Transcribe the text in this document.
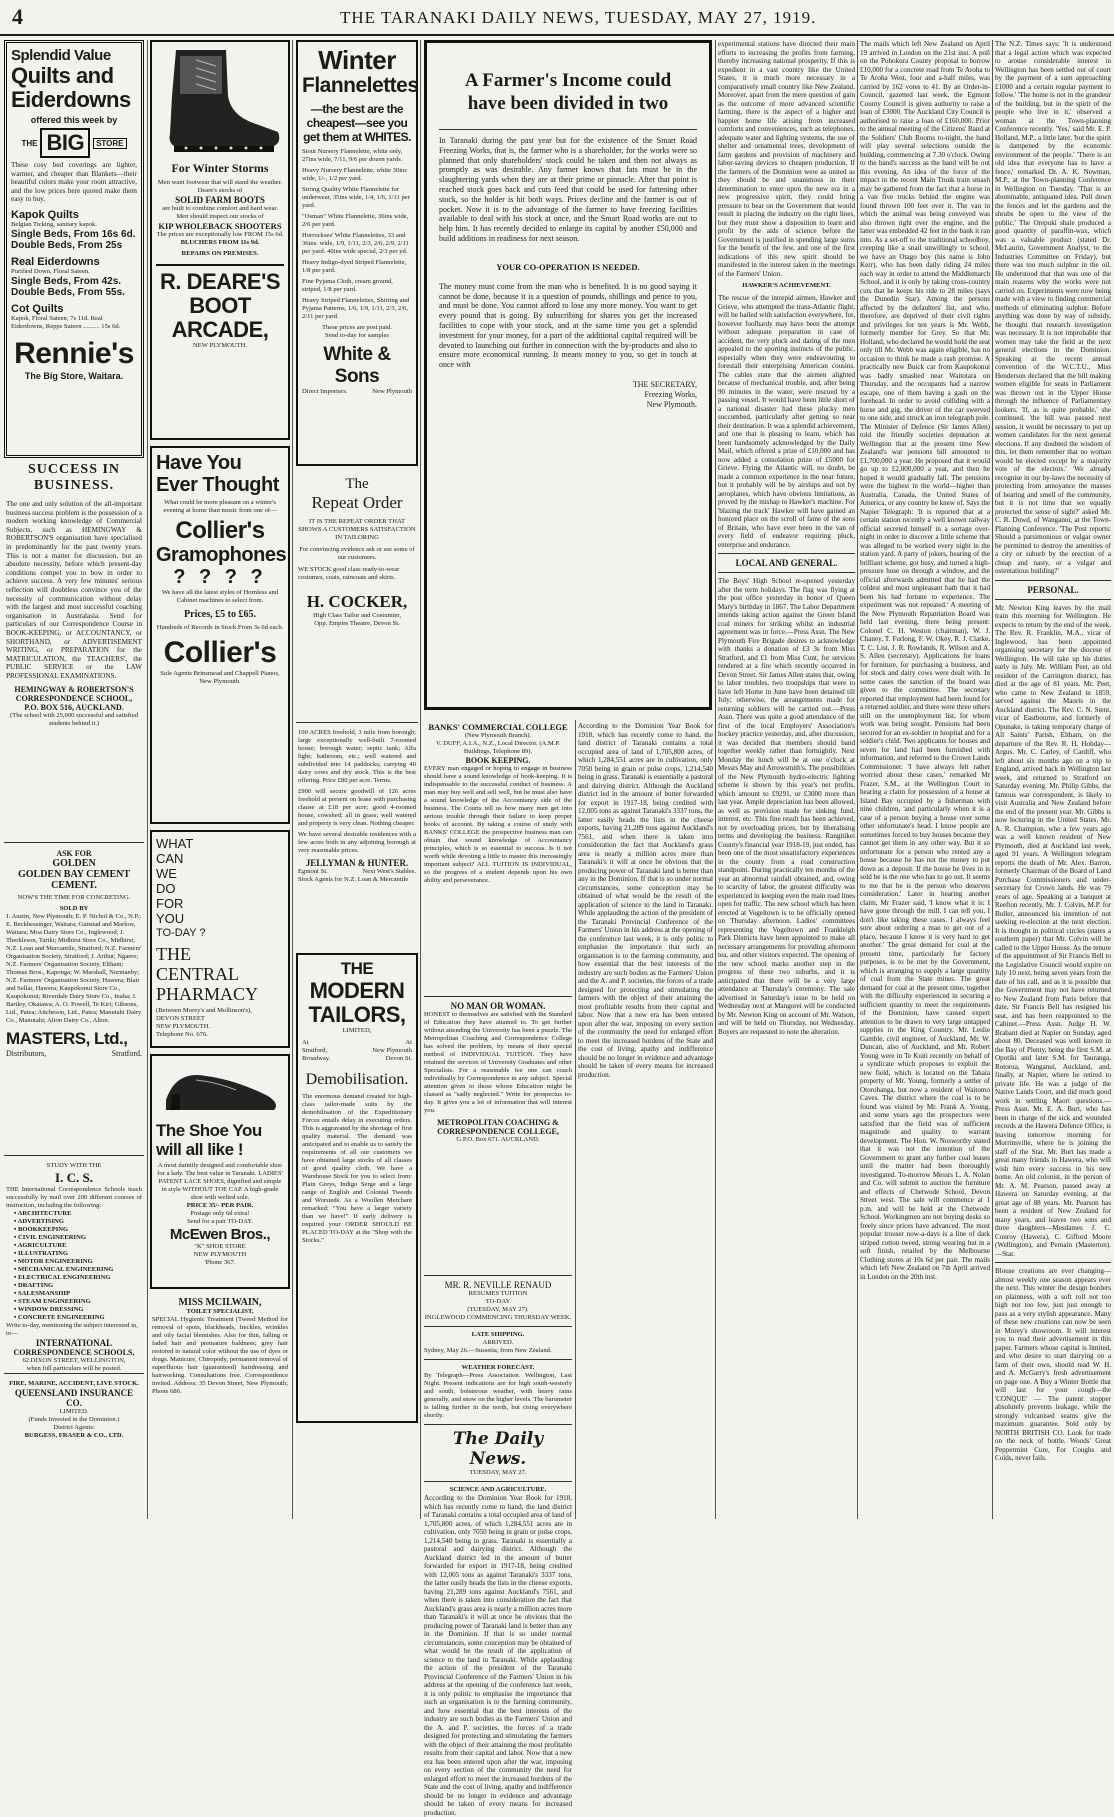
4	THE TARANAKI DAILY NEWS, TUESDAY, MAY 27, 1919.
Splendid Value
Quilts and
Eiderdowns
offered this week by
THE BIG	STORE

These cosy bed coverings are lighter, warmer, and cheaper than Blankets—their beautiful colors make your room attractive, and the low prices here quoted make them easy to buy.

Kapok Quilts
Belgian Ticking, sanitary kapok.
Single Beds, From 16s 6d.
Double Beds, From 25s
Real Eiderdowns
Purified Down, Floral Sateen.
Single Beds, From 42s.
Double Beds, From 55s.
Cot Quilts
Kapok, Floral Sateen, 7s 11d. Real Eiderdowns, Repps Sateen .......... 15s 6d.
Rennie's
The Big Store, Waitara.
SUCCESS IN
BUSINESS.

The one and only solution of the all-important business success problem is the possession of a modern working knowledge of Commercial Subjects, such as HEMINGWAY & ROBERTSON'S organisation have specialised in predominantly for the past twenty years. This is not a matter for discussion, but an absolute necessity, before which present-day conditions compel you to bow in order to achieve success. A very few minutes' serious reflection will doubtless convince you of the necessity of communication without delay with the largest and most successful coaching organisation in Australasia. Send for particulars of our Correspondence Course in BOOK-KEEPING, or ACCOUNTANCY, or SHORTHAND, or ADVERTISEMENT WRITING, or PREPARATION for the MATRICULATION, the TEACHERS', the PUBLIC SERVICE or the LAW PROFESSIONAL EXAMINATIONS.

HEMINGWAY & ROBERTSON'S CORRESPONDENCE SCHOOL,
P.O. BOX 516, AUCKLAND.
(The school with 25,000 successful and satisfied students behind it.)
ASK FOR
GOLDEN
GOLDEN BAY CEMENT
CEMENT.
NOW'S THE TIME FOR CONCRETING.
SOLD BY

J. Austin, New Plymouth; E. P. Nichol & Co., N.P.; E. Beckbessinger, Waitara; Gunstad and Marlow, Waitara; Moa Dairy Store Co., Inglewood; J. Therkleson, Tariki; Midhirst Store Co., Midhirst; N.Z. Loan and Mercantile, Stratford; N.Z. Farmers' Organisation Society, Stratford; J. Arthur, Ngaere; N.Z. Farmers' Organisation Society, Eltham; Thomas Bros., Kaponga; W. Marshall, Normanby; N.Z. Farmers' Organisation Society, Hawera; Blair and Sellar, Hawera; Kaupokonui Store Co., Kaupokonui; Riverdale Dairy Store Co., Inaha; J. Bartley, Okaiawa; A. O. Powell, Te Kiri; Gibsons, Ltd., Patea; Aitcheson, Ltd., Patea; Manutahi Dairy Co., Manutahi; Alton Dairy Co., Alton.

MASTERS, Ltd.,
Distributors,	Stratford.
STUDY WITH THE
I. C. S.

THE International Correspondence Schools teach successfully by mail over 200 different courses of instruction, including the following:

▪ ARCHITECTURE
▪ ADVERTISING
▪ BOOKKEEPING
▪ CIVIL ENGINEERING
▪ AGRICULTURE
▪ ILLUSTRATING
▪ MOTOR ENGINEERING
▪ MECHANICAL ENGINEERING
▪ ELECTRICAL ENGINEERING
▪ DRAFTING
▪ SALESMANSHIP
▪ STEAM ENGINEERING
▪ WINDOW DRESSING
▪ CONCRETE ENGINEERING

Write to-day, mentioning the subject interested in, to—

INTERNATIONAL
CORRESPONDENCE SCHOOLS,
62 DIXON STREET, WELLINGTON,
when full particulars will be posted.
FIRE, MARINE, ACCIDENT, LIVE STOCK.
QUEENSLAND INSURANCE CO.
LIMITED.
(Funds Invested in the Dominion.)
District Agents:
BURGESS, FRASER & CO., LTD.
For Winter Storms

Men want footwear that will stand the weather.

Deare's stocks of

SOLID FARM BOOTS

are built to combine comfort and hard wear.

Men should inspect our stocks of

KIP WHOLEBACK SHOOTERS

The prices are exceptionally low FROM 15s 6d.

BLUCHERS FROM 11s 9d.

REPAIRS ON PREMISES.

R. DEARE'S
BOOT
ARCADE,
NEW PLYMOUTH.
Have You
Ever Thought

What could be more pleasant on a winter's evening at home than music from one of—

Collier's
Gramophones
? ? ? ?

We have all the latest styles of Hornless and Cabinet machines to select from.

Prices, £5 to £65.

Hundreds of Records in Stock From 3s 6d each.

Collier's

Sole Agents Brinsmead and Chappell Pianos,

New Plymouth.

WHAT
CAN
WE
DO
FOR
YOU
TO-DAY ?
THE
CENTRAL
PHARMACY

(Between Morey's and Mollinson's),

DEVON STREET

NEW PLYMOUTH.

Telephone No. 676.

The Shoe You
will all like !

A most daintily designed and comfortable shoe for a lady. The best value in Taranaki. LADIES' PATENT LACE SHOES, dignified and simple in style WITHOUT TOE CAP. A high-grade shoe with welted sole.

PRICE 35/- PER PAIR.

Postage only 6d extra!

Send for a pair TO-DAY.

McEwen Bros.,

"K" SHOE STORE

NEW PLYMOUTH

'Phone 367.

MISS MCILWAIN,
TOILET SPECIALIST,

SPECIAL Hygienic Treatment (Tweed Method for removal of spots, blackheads, freckles, wrinkles and oily facial blemishes. Also for thin, falling or faded hair and premature baldness; grey hair restored to natural color without the use of dyes or drugs. Manicure, Chiropody, permanent removal of superfluous hair (guaranteed) hairdressing and hairworking. Consultations free. Correspondence invited. Address: 35 Devon Street, New Plymouth; Phone 686.

Winter
Flannelettes
—the best are the
cheapest—see you
get them at WHITES.

Stout Nursery Flannelette, white only, 27ins wide, 7/11, 9/6 per dozen yards.

Heavy Nursery Flannelette, white 30ins wide, 1/-, 1/2 per yard.

Strong Quality White Flannelette for underwear, 35ins wide, 1/4, 1/6, 1/11 per yard.

"Osman" White Flannelette, 36ins wide, 2/6 per yard.

Horrockses' White Flannelettes, 33 and 36ins. wide, 1/9, 1/11, 2/3, 2/6, 2/9, 2/11 per yard. 40ins wide special, 2/3 per yd.

Heavy Indigo-dyed Striped Flannelette, 1/8 per yard.

Fine Pyjama Cloth, cream ground, striped, 1/8 per yard.

Heavy Striped Flannelettes, Shirting and Pyjama Patterns, 1/6, 1/9, 1/11, 2/3, 2/6, 2/11 per yard.

These prices are post paid.

Send to-day for samples

White & Sons
Direct Importers.	New Plymouth
The
Repeat Order

IT IS THE REPEAT ORDER THAT SHOWS A CUSTOMERS SATISFACTION IN TAILORING

For convincing evidence ask or see some of our customers.

WE STOCK good class ready-to-wear costumes, coats, raincoats and skirts.

H. COCKER,

High Class Tailor and Costumier,

Opp. Empire Theatre, Devon St.

100 ACRES freehold, 3 mile from borough; large exceptionally well-built 7-roomed house; borough water; septic tank; Alfa light; bathroom, etc.; well watered and subdivided into 14 paddocks; carrying 40 dairy cows and dry stock. This is the best offering. Price £80 per acre. Terms.

£900 will secure goodwill of 126 acres freehold at present on lease with purchasing clause at £18 per acre; good 4-roomed house, cowshed; all in grass; well watered and property is very clean. Nothing cheaper.

We have several desirable residences with a few acres both in any adjoining borough at very reasonable prices.

JELLYMAN & HUNTER.
Egmont St.	Next West's Stables.

Stock Agents for N.Z. Loan & Mercantile

THE
MODERN
TAILORS,

LIMITED,

At	At
Stratford,	New Plymouth
Broadway.	Devon St.
Demobilisation.

The enormous demand created for high-class tailor-made suits by the demobilisation of the Expeditionary Forces entails delay in executing orders. This is aggravated by the shortage of first quality material. The demand was anticipated and to enable us to satisfy the requirements of all our customers we have obtained large stocks of all classes of good quality cloth. We have a Warehouse Stock for you to select from: Plain Greys, Indigo Serge and a large range of English and Colonial Tweeds and Worsteds. As a Woollen Merchant remarked: "You have a larger variety than we have!" If early delivery is required your ORDER SHOULD BE PLACED TO-DAY at the "Shop with the Stocks."

A Farmer's Income could have been divided in two

In Taranaki during the past year but for the existence of the Smart Road Freezing Works, that is, the farmer who is a shareholder, for the works were so planned that only shareholders' stock could be taken and then not always as promptly as was desirable. Any farmer knows that fats must be in the slaughtering yards when they are at their prime or pinnacle. After that point is reached stock goes back and cuts feed that could be used for fattening other stock, so the holder is hit both ways. Prices decline and the farmer is out of pocket. Now it is to the advantage of the farmer to have freezing facilities available to deal with his stock at once, and the Smart Road works are out to help him. It has recently decided to enlarge its capital by another £50,000 and build additions in readiness for next season.

YOUR CO-OPERATION IS NEEDED.

The money must come from the man who is benefited. It is no good saying it cannot be done, because it is a question of pounds, shillings and pence to you, and must be done. You cannot afford to lose any more money. You want to get every pound that is going. By subscribing for shares you get the increased facilities to cope with your stock, and at the same time you get a splendid investment for your money, for a part of the additional capital required will be devoted to launching out further in connection with the by-products and also to ensure more economical running. It means money to you, so get in touch at once with

THE SECRETARY,
Freezing Works,
New Plymouth.
BANKS' COMMERCIAL COLLEGE

(New Plymouth Branch).

V. DUFF, A.I.A., N.Z., Local Director. (A.M.P. Buildings, Telephone 89).

BOOK KEEPING.

EVERY man engaged or hoping to engage in business should have a sound knowledge of book-keeping. It is indispensable to the successful conduct of business. A man may buy well and sell well, but he must also have a sound knowledge of the Accountancy side of the business. The Courts tell us how many men get into serious trouble through their failure to keep proper books of account. By taking a course of study with BANKS' COLLEGE the prospective business man can obtain that sound knowledge of Accountancy principles, which is so essential to success. Is it not worth while devoting a little to master this increasingly important subject? ALL TUITION IS INDIVIDUAL, so the progress of a student depends upon his own ability and perseverance.

NO MAN OR WOMAN.

HONEST to themselves are satisfied with the Standard of Education they have attained to. To get further without attending the University has been a puzzle. The Metropolitan Coaching and Correspondence College has solved the problem, by means of their special method of INDIVIDUAL TUITION. They have retained the services of University Graduates and other Specialists. For a reasonable fee one can coach individually by Correspondence in any subject. Special attention given to those whose Education might be classed as "sadly neglected." Write for prospectus to-day. It gives you a lot of information that will interest you.

METROPOLITAN COACHING & CORRESPONDENCE COLLEGE,

G.P.O. Box 671. AUCKLAND.

MR. R. NEVILLE RENAUD

RESUMES TUITION

TO-DAY

(TUESDAY, MAY 27).

INGLEWOOD COMMENCING THURSDAY WEEK.

LATE SHIPPING.
ARRIVED.

Sydney, May 26.—Sussetia, from New Zealand.

WEATHER FORECAST.

By Telegraph—Press Association. Wellington, Last Night. Present indications are for high south-westerly and south, boisterous weather, with heavy rains generally, and snow on the higher levels. The barometer is falling further in the north, but rising everywhere shortly.

The Daily News.
TUESDAY, MAY 27.
SCIENCE AND AGRICULTURE.

According to the Dominion Year Book for 1918, which has recently come to hand, the land district of Taranaki contains a total occupied area of land of 1,705,800 acres, of which 1,284,551 acres are in cultivation, only 7050 being in grain or pulse crops, 1,214,540 being in grass. Taranaki is essentially a pastoral and dairying district. Although the Auckland district led in the amount of butter forwarded for export in 1917-18, being credited with 12,005 tons as against Taranaki's 3337 tons, the latter easily heads the lists in the cheese exports, having 21,289 tons against Auckland's 7561, and when there is taken into consideration the fact that Auckland's grass area is nearly a million acres more than Taranaki's it will at once be obvious that the producing power of Taranaki land is better than any in the Dominion. If that is so under normal circumstances, some conception may be obtained of what would be the result of the application of science to the land in Taranaki. While applauding the action of the president of the Taranaki Provincial Conference of the Farmers' Union in his address at the opening of the conference last week, it is only politic to emphasise the importance that such an organisation is to the farming community, and how essential that the best interests of the industry are such bodies as the Farmers' Union and the A. and P. societies, the forces of a trade designed for protecting and stimulating the farmers with the object of their attaining the most profitable results from their capital and labor. Now that a new era has been entered upon after the war, imposing on every section of the community the need for enlarged effort to meet the increased burdens of the State and the cost of living, apathy and indifference should be no longer in evidence and advantage should be taken of every means for increased production.

According to the Dominion Year Book for 1918, which has recently come to hand, the land district of Taranaki contains a total occupied area of land of 1,705,800 acres, of which 1,284,551 acres are in cultivation, only 7050 being in grain or pulse crops, 1,214,540 being in grass. Taranaki is essentially a pastoral and dairying district. Although the Auckland district led in the amount of butter forwarded for export in 1917-18, being credited with 12,005 tons as against Taranaki's 3337 tons, the latter easily heads the lists in the cheese exports, having 21,289 tons against Auckland's 7561, and when there is taken into consideration the fact that Auckland's grass area is nearly a million acres more than Taranaki's it will at once be obvious that the producing power of Taranaki land is better than any in the Dominion. If that is so under normal circumstances, some conception may be obtained of what would be the result of the application of science to the land in Taranaki. While applauding the action of the president of the Taranaki Provincial Conference of the Farmers' Union in his address at the opening of the conference last week, it is only politic to emphasise the importance that such an organisation is to the farming community, and how essential that the best interests of the industry are such bodies as the Farmers' Union and the A. and P. societies, the forces of a trade designed for protecting and stimulating the farmers with the object of their attaining the most profitable results from their capital and labor. Now that a new era has been entered upon after the war, imposing on every section of the community the need for enlarged effort to meet the increased burdens of the State and the cost of living, apathy and indifference should be no longer in evidence and advantage should be taken of every means for increased production.

experimental stations have directed their main efforts to increasing the profits from farming, thereby increasing national prosperity. If this is expedient in a vast country like the United States, it is much more necessary in a comparatively small country like New Zealand. Moreover, apart from the mere question of gain as the outcome of more advanced scientific farming, there is the aspect of a higher and happier home life arising from increased comforts and conveniences, such as telephones, adequate water and lighting systems, the use of shelter and ornamental trees, development of farm gardens and provision of machinery and labor-saving devices to cheapen production. If the farmers of the Dominion were as united as they should be and unanimous in their determination to enter upon the new era in a new progressive spirit, they could bring pressure to bear on the Government that would result in placing the industry on the right lines, but they must show a disposition to learn and profit by the aids of science before the Government is justified in spending large sums for the benefit of the few, and one of the first indications of this new spirit should be manifested in the interest taken in the meetings of the Farmers' Union.

HAWKER'S ACHIEVEMENT.

The rescue of the intrepid airmen, Hawker and Grieve, who attempted the trans-Atlantic flight, will be hailed with satisfaction everywhere, for, however foolhardy may have been the attempt without adequate preparation in case of accident, the very pluck and daring of the men appealed to the sporting instincts of the public, especially when they were endeavouring to forestall their enterprising American cousins. The cables state that the airmen alighted because of mechanical trouble, and, after being 90 minutes in the water, were rescued by a passing vessel. It would have been little short of a national disaster had these plucky men succumbed, particularly after getting so near their destination. It was a splendid achievement, and one that is pleasing to learn, which has been handsomely acknowledged by the Daily Mail, which offered a prize of £10,000 and has now added a consolation prize of £5000 for Grieve. Flying the Atlantic will, no doubt, be made a common experience in the near future, but it probably will be by airships and not by aeroplanes, which have obvious limitations, as proved by the mishap to Hawker's machine. For 'blazing the track' Hawker will have gained an honored place on the scroll of fame of the sons of Britain, who have ever been in the van of every field of endeavor requiring pluck, enterprise and endurance.

LOCAL AND GENERAL.

The Boys' High School re-opened yesterday after the term holidays. The flag was flying at the post office yesterday in honor of Queen Mary's birthday in 1867. The Labor Department intends taking action against the Green Island coal miners for striking whilst an industrial agreement was in force.—Press Assn. The New Plymouth Fire Brigade desires to acknowledge with thanks a donation of £3 3s from Miss Stratford, and £1 from Miss Cunt, for services rendered at a fire which recently occurred in Devon Street. Sir James Allen states that, owing to labor troubles, two troopships that were to have left Home in June have been detained till July; otherwise, the arrangements made for returning soldiers will be carried out.—Press Assn. There was quite a good attendance of the first of the local Employers' Association's hockey practice yesterday, and, after discussion, it was decided that members should band together weekly rather than fortnightly. Next Monday the lunch will be at one o'clock at Messrs May and Arrowsmith's. The possibilities of the New Plymouth hydro-electric lighting scheme is shown by this year's net profits, which amount to £9291, or £3000 more than last year. Ample depreciation has been allowed, as well as provision made for sinking fund, interest, etc. This fine result has been achieved, not by overloading prices, but by liberalising terms and developing the business. Rangitikei County's financial year 1918-19, just ended, has been one of the most unsatisfactory experiences in the county from a road construction standpoint. During practically ten months of the year an abnormal rainfall obtained, and, owing to scarcity of labor, the greatest difficulty was experienced in keeping even the main road lines open for traffic. The new school which has been erected at Vogeltown is to be officially opened on Thursday afternoon. Ladies' committees representing the Vogeltown and Frankleigh Park Districts have been appointed to make all necessary arrangements for providing afternoon tea, and other visitors expected. The opening of the new school marks another step in the progress of these two suburbs, and it is anticipated that there will be a very large attendance at Thursday's ceremony. The sale advertised in Saturday's issue to be held on Wednesday next at Mangorei will be conducted by Mr. Newton King on account of Mr. Watson, and will be held on Thursday, not Wednesday. Buyers are requested to note the alteration.

The mails which left New Zealand on April 19 arrived in London on the 21st inst. A poll on the Pohokura County proposal to borrow £10,000 for a concrete road from Te Aroha to Te Aroha West, four and a-half miles, was carried by 162 votes to 41. By an Order-in-Council, gazetted last week, the Egmont County Council is given authority to raise a loan of £3000. The Auckland City Council is authorised to raise a loan of £160,000. Prior to the annual meeting of the Citizens' Band at the Soldiers' Club Rooms to-night, the band will play several selections outside the building, commencing at 7.30 o'clock. Owing to the band's success as the band will be out this evening. An idea of the force of the impact in the recent Main Trunk train smash may be gathered from the fact that a horse in a van five trucks behind the engine was found thrown 100 feet over it. The van in which the animal was being conveyed was also thrown right over the engine, and the latter was embedded 42 feet in the bank it ran into. As a set-off to the traditional schoolboy, creeping like a snail unwillingly to school, we have an Otago boy (his name is John Kerr), who has been daily riding 24 miles each way in order to attend the Middlemarch School, and it is only by taking cross-country cuts that he keeps his ride to 28 miles (says the Dunedin Star). Among the persons affected by the defaulters' list, and who, therefore, are deprived of their civil rights and privileges for ten years is Mr. Webb, formerly member for Grey. So that Mr. Holland, who declared he would hold the seat only till Mr. Webb was again eligible, has no occasion to think he made a rash promise. A practically new Buick car from Kaupokonui was badly smashed near Waitotara on Thursday, and the occupants had a narrow escape, one of them having a gash on the forehead. In order to avoid colliding with a horse and gig, the driver of the car swerved to one side, and struck an iron telegraph pole. The Minister of Defence (Sir James Allen) told the friendly societies deputation at Wellington that at the present time New Zealand's war pensions bill amounted to £1,700,000 a year. He proposed that it would go up to £2,000,000 a year, and then he hoped it would gradually fall. The pensions were the highest in the world—higher than Australia, Canada, the United States of America, or any country he knew of. Says the Napier Telegraph: 'It is reported that at a certain station recently a well known railway official secreted himself in a sortage over-night in order to discover a little scheme that was alleged to be worked every night in the station yard. A party of jokers, hearing of the brilliant scheme, got busy, and turned a high-pressure hose on through a window, and the official afterwards admitted that he had the coldest and most unpleasant bath that it had been his bad fortune to experience. The experiment was not repeated.' A meeting of the New Plymouth Repatriation Board was held last evening, there being present: Colonel C. H. Weston (chairman), W. J. Chaney, T. Furlong, F. W. Okey, R. J. Clarke, T. C. List, J. R. Rowlands, R. Wilson and A. S. Allen (secretary). Applications for loans for furniture, for purchasing a business, and for stock and dairy cows were dealt with. In some cases the sanction of the board was given to the committee. The secretary reported that employment had been found for a returned soldier, and there were three others still on the unemployment list, for whom work was being sought. Pensions had been secured for an ex-soldier in hospital and for a soldier's child. Two applicants for houses and seven for land had been furnished with information, and referred to the Crown Lands Commissioner. 'I have always felt rather worried about these cases,' remarked Mr Frazer, S.M., at the Wellington Court in hearing a claim for possession of a house at Island Bay occupied by a fisherman with nine children, 'and particularly when it is a case of a person buying a house over some other unfortunate's head. I know people are sometimes forced to buy houses because they cannot get them in any other way. But it so unfortunate for a person who rented any a house because he has not the money to put down as a deposit. If the house he lives in is sold he is the one who has to go out. It seems to me that he is the person who deserves consideration.' Later in hearing another claim, Mr Frazer said, 'I know what it is: I have gone through the mill. I can tell you, I don't like taking these cases. I always feel sore about ordering a man to get out of a place, because I know it is very hard to get another.' The great demand for coal at the present time, particularly for factory purposes, is to be met by the Government, which is arranging to supply a large quantity of coal from the State mines. The great demand for coal at the present time, together with the difficulty experienced in securing a sufficient quantity to meet the requirements of the Dominion, have caused expert attention to be drawn to very large untapped supplies in the King Country. Mr. Leslie Gamble, civil engineer, of Auckland, Mr. W. Duncan, also of Auckland, and Mr. Robert Young were in Te Kuiti recently on behalf of a syndicate which proposes to exploit the new field, which is located on the Tahaia property of Mr. Young, formerly a settler of Otorohanga, but now a resident of Waitomo Caves. The district where the coal is to be found was visited by Mr. Frank A. Young, and some years ago the prospectors were satisfied that the field was of sufficient magnitude and quality to warrant development. The Hon. W. Nosworthy stated that it was not the intention of the Government to grant any further coal leases until the matter had been thoroughly investigated. To-morrow Messrs L. A. Nolan and Co. will submit to auction the furniture and effects of Chetwode School, Devon Street west. The sale will commence at 1 p.m. and will be held at the Chetwode School. Workingmen are not buying desks so freely since prices have advanced. The most popular trouser now-a-days is a line of dark striped cotton tweed, strong wearing but in a soft finish, retailed by the Melbourne Clothing stores at 10s 6d per pair. The mails which left New Zealand on 7th April arrived in London on the 20th inst.

The N.Z. Times says: 'It is understood that a legal action which was expected to arouse considerable interest in Wellington has been settled out of court by the payment of a sum approaching £1000 and a certain regular payment to follow.' 'The home is not in the grandeur of the building, but in the spirit of the people who live in it,' observed a woman at the Town-planning Conference recently. 'Yes,' said Mr. E. P. Holland, M.P., a little later, 'but the spirit is dampened by the economic environment of the people.' 'There is an old idea that everyone has to have a fence,' remarked Dr. A. K. Newman, M.P., at the Town-planning Conference in Wellington on Tuesday. 'That is an abominable, antiquated idea. Pull down the fences and let the gardens and the shrubs be open to the view of the public.' The Orepuki shale produced a good quantity of paraffin-wax, which was a valuable product (stated Dr. McLaurin, Government Analyst, to the Industries Committee on Friday), but there was too much sulphur in the oil. He understood that that was one of the main reasons why the works were not carried on. Experiments were now being made with a view to finding commercial methods of eliminating sulphur. Before anything was done by way of subsidy, he thought that research investigation was necessary. It is not improbable that women may take the field at the next general elections in the Dominion. Speaking at the recent annual convention of the W.C.T.U., Miss Henderson declared that the bill making women eligible for seats in Parliament was thrown out in the Upper House through the influence of Parliamentary lookers. 'If, as is quite probable,' she continued, 'the bill was passed next session, it would be necessary to put up women candidates for the next general elections. If any doubted the wisdom of this, let them remember that no woman would be elected except by a majority vote of the electors.' 'We already recognise in our by-laws the necessity of protecting from annoyance the masses of hearing and smell of the community, but it is not time that we equally protected the sense of sight?' asked Mr. C. R. Dowd, of Wanganui, at the Town-Planning Conference. 'The Post reports: Should a parsimonious or vulgar owner be permitted to destroy the amenities of a city or suburb by the erection of a cheap and nasty, or a vulgar and ostentatious building?'

PERSONAL.

Mr. Newton King leaves by the mail train this morning for Wellington. He expects to return by the end of the week. The Rev. R. Franklin, M.A., vicar of Inglewood, has been appointed organising secretary for the diocese of Wellington. He will take up his duties early in July. Mr. William Peet, an old resident of the Carrington district, has died at the age of 81 years. Mr. Peet, who came to New Zealand in 1859, served against the Maoris in the Auckland district. The Rev. C. N. Stent, vicar of Eastbourne, and formerly of Opunake, is taking temporary charge of All Saints' Parish, Eltham, on the departure of the Rev. R. H. Hobday—Argus. Mr. C. Carley, of Cardiff, who left about six months ago on a trip to England, arrived back in Wellington last week, and returned to Stratford on Saturday evening. Mr. Philip Gibbs, the famous war correspondent, is likely to visit Australia and New Zealand before the end of the present year. Mr. Gibbs is now lecturing in the United States. Mr. A. R. Champion, who a few years ago was a well known resident of New Plymouth, died at Auckland last week, aged 91 years. A Wellington telegram reports the death of Mr. Alex. Barron, formerly Chairman of the Board of Land Purchase Commissioners and under-secretary for Crown lands. He was 79 years of age. Speaking at a banquet at Reefton recently, Mr. J. Colvin, M.P. for Buller, announced his intention of not seeking re-election at the next election. It is thought in political circles (states a southern paper) that Mr. Colvin will be called to the Upper House. As the tenure of the appointment of Sir Francis Bell to the Legislative Council would expire on July 10 next, being seven years from the date of his call, and as it is possible that the Government may not have returned to New Zealand from Paris before that date, Sir Francis Bell has resigned his seat, and has been reappointed to the Cabinet.—Press Assn. Judge H. W. Brabant died at Napier on Sunday, aged about 80. Deceased was well known in the Bay of Plenty, being the first S.M. at Opotiki and later S.M. for Tauranga, Rotorua, Wanganui, Auckland, and, finally, at Napier, where he retired to private life. He was a judge of the Native Lands Court, and did much good work in settling Maori questions.—Press Assn. Mr. E. A. Burt, who has been in charge of the sick and wounded records at the Hawera Defence Office, is leaving tomorrow morning for Morrinsville, where he is joining the staff of the Star. Mr. Burt has made a great many friends in Hawera, who will wish him every success in his new home. An old colonist, in the person of Mr. A. M. Pearson, passed away at Hawera on Saturday evening, at the great age of 88 years. Mr. Pearson has been a resident of New Zealand for many years, and leaves two sons and three daughters—Mesdames J. C. Conroy (Hawera), C. Gifford Moore (Wellington), and Pernain (Masterton).—Star.

Blouse creations are ever changing—almost weekly one season appears ever the next. This winter the design borders on plainness, with a soft roll not too high nor too low, just just enough to pass as a very stylish appearance. Many of these new creations can now be seen in Morey's showroom. It will interest you to read their advertisement in this paper. Farmers whose capital is limited, and who desire to start dairying on a farm of their own, should read W. H. and A. McGarry's fresh advertisement on page one. A Buy a Winter Bottle that will last for your cough—the 'CONQUE' — The patent stopper absolutely prevents leakage, while the strongly vulcanised seams give the maximum guarantee. Sold only by NORTH BRITISH CO. Look for trade on the neck of bottle. Woods' Great Peppermint Cure, For Coughs and Colds, never fails.
